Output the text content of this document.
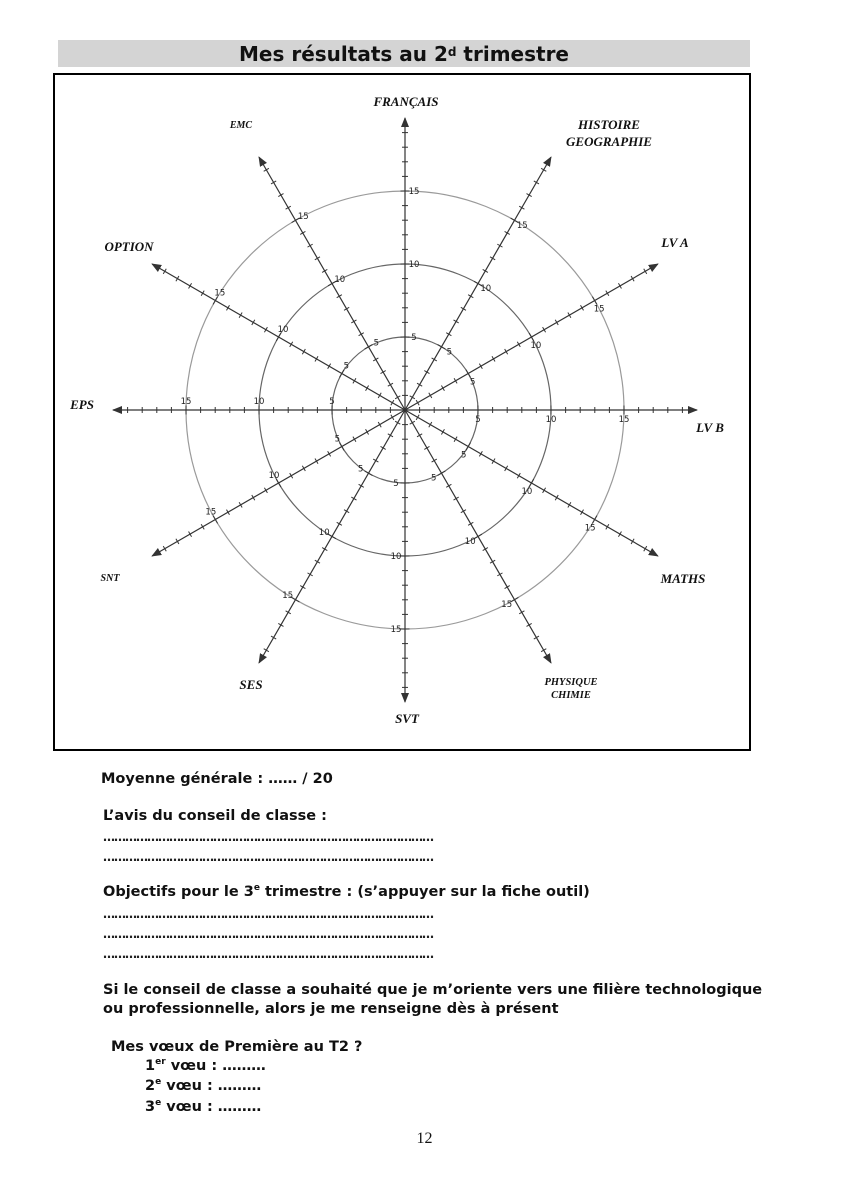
Mes résultats au 2$^d$ trimestre
5
10
15
5
10
15
5
10
15
5	10	15
5
10
15
5
10
15
5
10
15
5
10
15
5
10
15
5
10
15
5
10
15
5
10
15
FRANÇAIS
HISTOIRE
GEOGRAPHIE
LV A
LV B
MATHS
PHYSIQUE
CHIMIE
SVT
SES
SNT
EPS
OPTION
EMC
Moyenne générale : …… / 20
L’avis du conseil de classe :
………………………………………………………………………………
………………………………………………………………………………
Objectifs pour le 3e trimestre : (s’appuyer sur la fiche outil)
………………………………………………………………………………
………………………………………………………………………………
………………………………………………………………………………
Si le conseil de classe a souhaité que je m’oriente vers une filière technologique
ou professionnelle, alors je me renseigne dès à présent
Mes vœux de Première au T2 ?
1er vœu : ………
2e vœu : ………
3e vœu : ………
12
